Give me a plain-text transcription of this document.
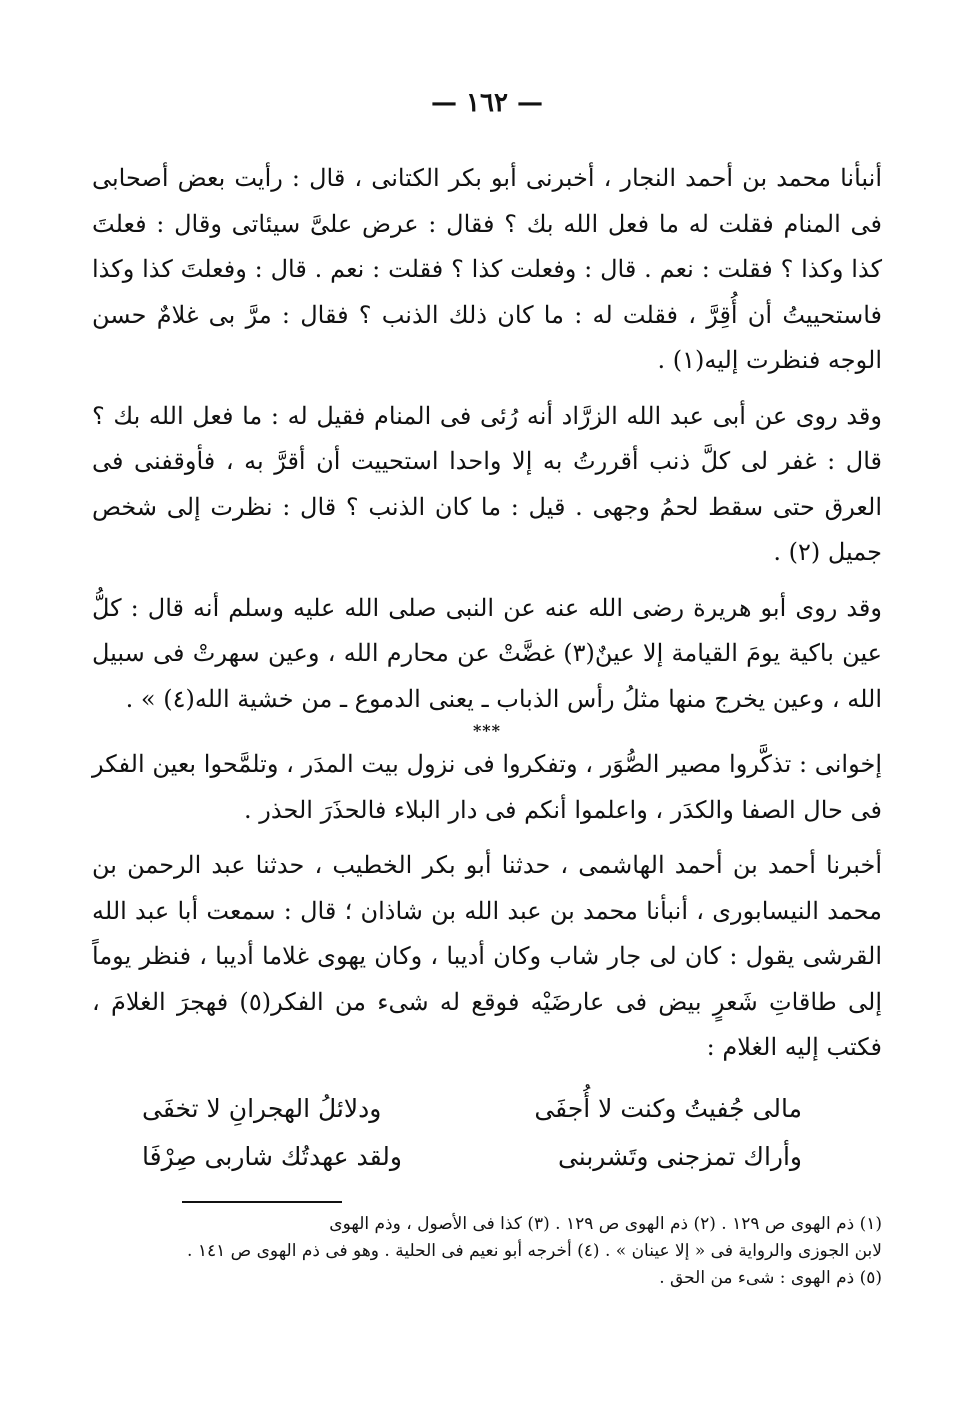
— ١٦٢ —

أنبأنا محمد بن أحمد النجار ، أخبرنى أبو بكر الكتانى ، قال : رأيت بعض أصحابى فى المنام فقلت له ما فعل الله بك ؟ فقال : عرض علىَّ سيئاتى وقال : فعلتَ كذا وكذا ؟ فقلت : نعم . قال : وفعلت كذا ؟ فقلت : نعم . قال : وفعلتَ كذا وكذا فاستحييتُ أن أُقِرَّ ، فقلت له : ما كان ذلك الذنب ؟ فقال : مرَّ بى غلامٌ حسن الوجه فنظرت إليه(١) .

وقد روى عن أبى عبد الله الزرَّاد أنه رُئى فى المنام فقيل له : ما فعل الله بك ؟ قال : غفر لى كلَّ ذنب أقررتُ به إلا واحدا استحييت أن أقرَّ به ، فأوقفنى فى العرق حتى سقط لحمُ وجهى . قيل : ما كان الذنب ؟ قال : نظرت إلى شخص جميل (٢) .

وقد روى أبو هريرة رضى الله عنه عن النبى صلى الله عليه وسلم أنه قال : كلُّ عين باكية يومَ القيامة إلا عينٌ(٣) غضَّتْ عن محارم الله ، وعين سهرتْ فى سبيل الله ، وعين يخرج منها مثلُ رأس الذباب ـ يعنى الدموع ـ من خشية الله(٤) » .

***

إخوانى : تذكَّروا مصير الصُّوَر ، وتفكروا فى نزول بيت المدَر ، وتلمَّحوا بعين الفكر فى حال الصفا والكدَر ، واعلموا أنكم فى دار البلاء فالحذَرَ الحذر .

أخبرنا أحمد بن أحمد الهاشمى ، حدثنا أبو بكر الخطيب ، حدثنا عبد الرحمن بن محمد النيسابورى ، أنبأنا محمد بن عبد الله بن شاذان ؛ قال : سمعت أبا عبد الله القرشى يقول : كان لى جار شاب وكان أديبا ، وكان يهوى غلاما أديبا ، فنظر يوماً إلى طاقاتِ شَعرٍ بيض فى عارضَيْه فوقع له شىء من الفكر(٥) فهجرَ الغلامَ ، فكتب إليه الغلام :

مالى جُفيتُ وكنت لا أُجفَى
ودلائلُ الهجرانِ لا تخفَى
وأراك تمزجنى وتَشربنى
ولقد عهدتُك شاربى صِرْفَا
(١) ذم الهوى ص ١٢٩ . (٢) ذم الهوى ص ١٢٩ . (٣) كذا فى الأصول ، وذم الهوى
لابن الجوزى والرواية فى « إلا عينان » . (٤) أخرجه أبو نعيم فى الحلية . وهو فى ذم الهوى ص ١٤١ .
(٥) ذم الهوى : شىء من الحق .
